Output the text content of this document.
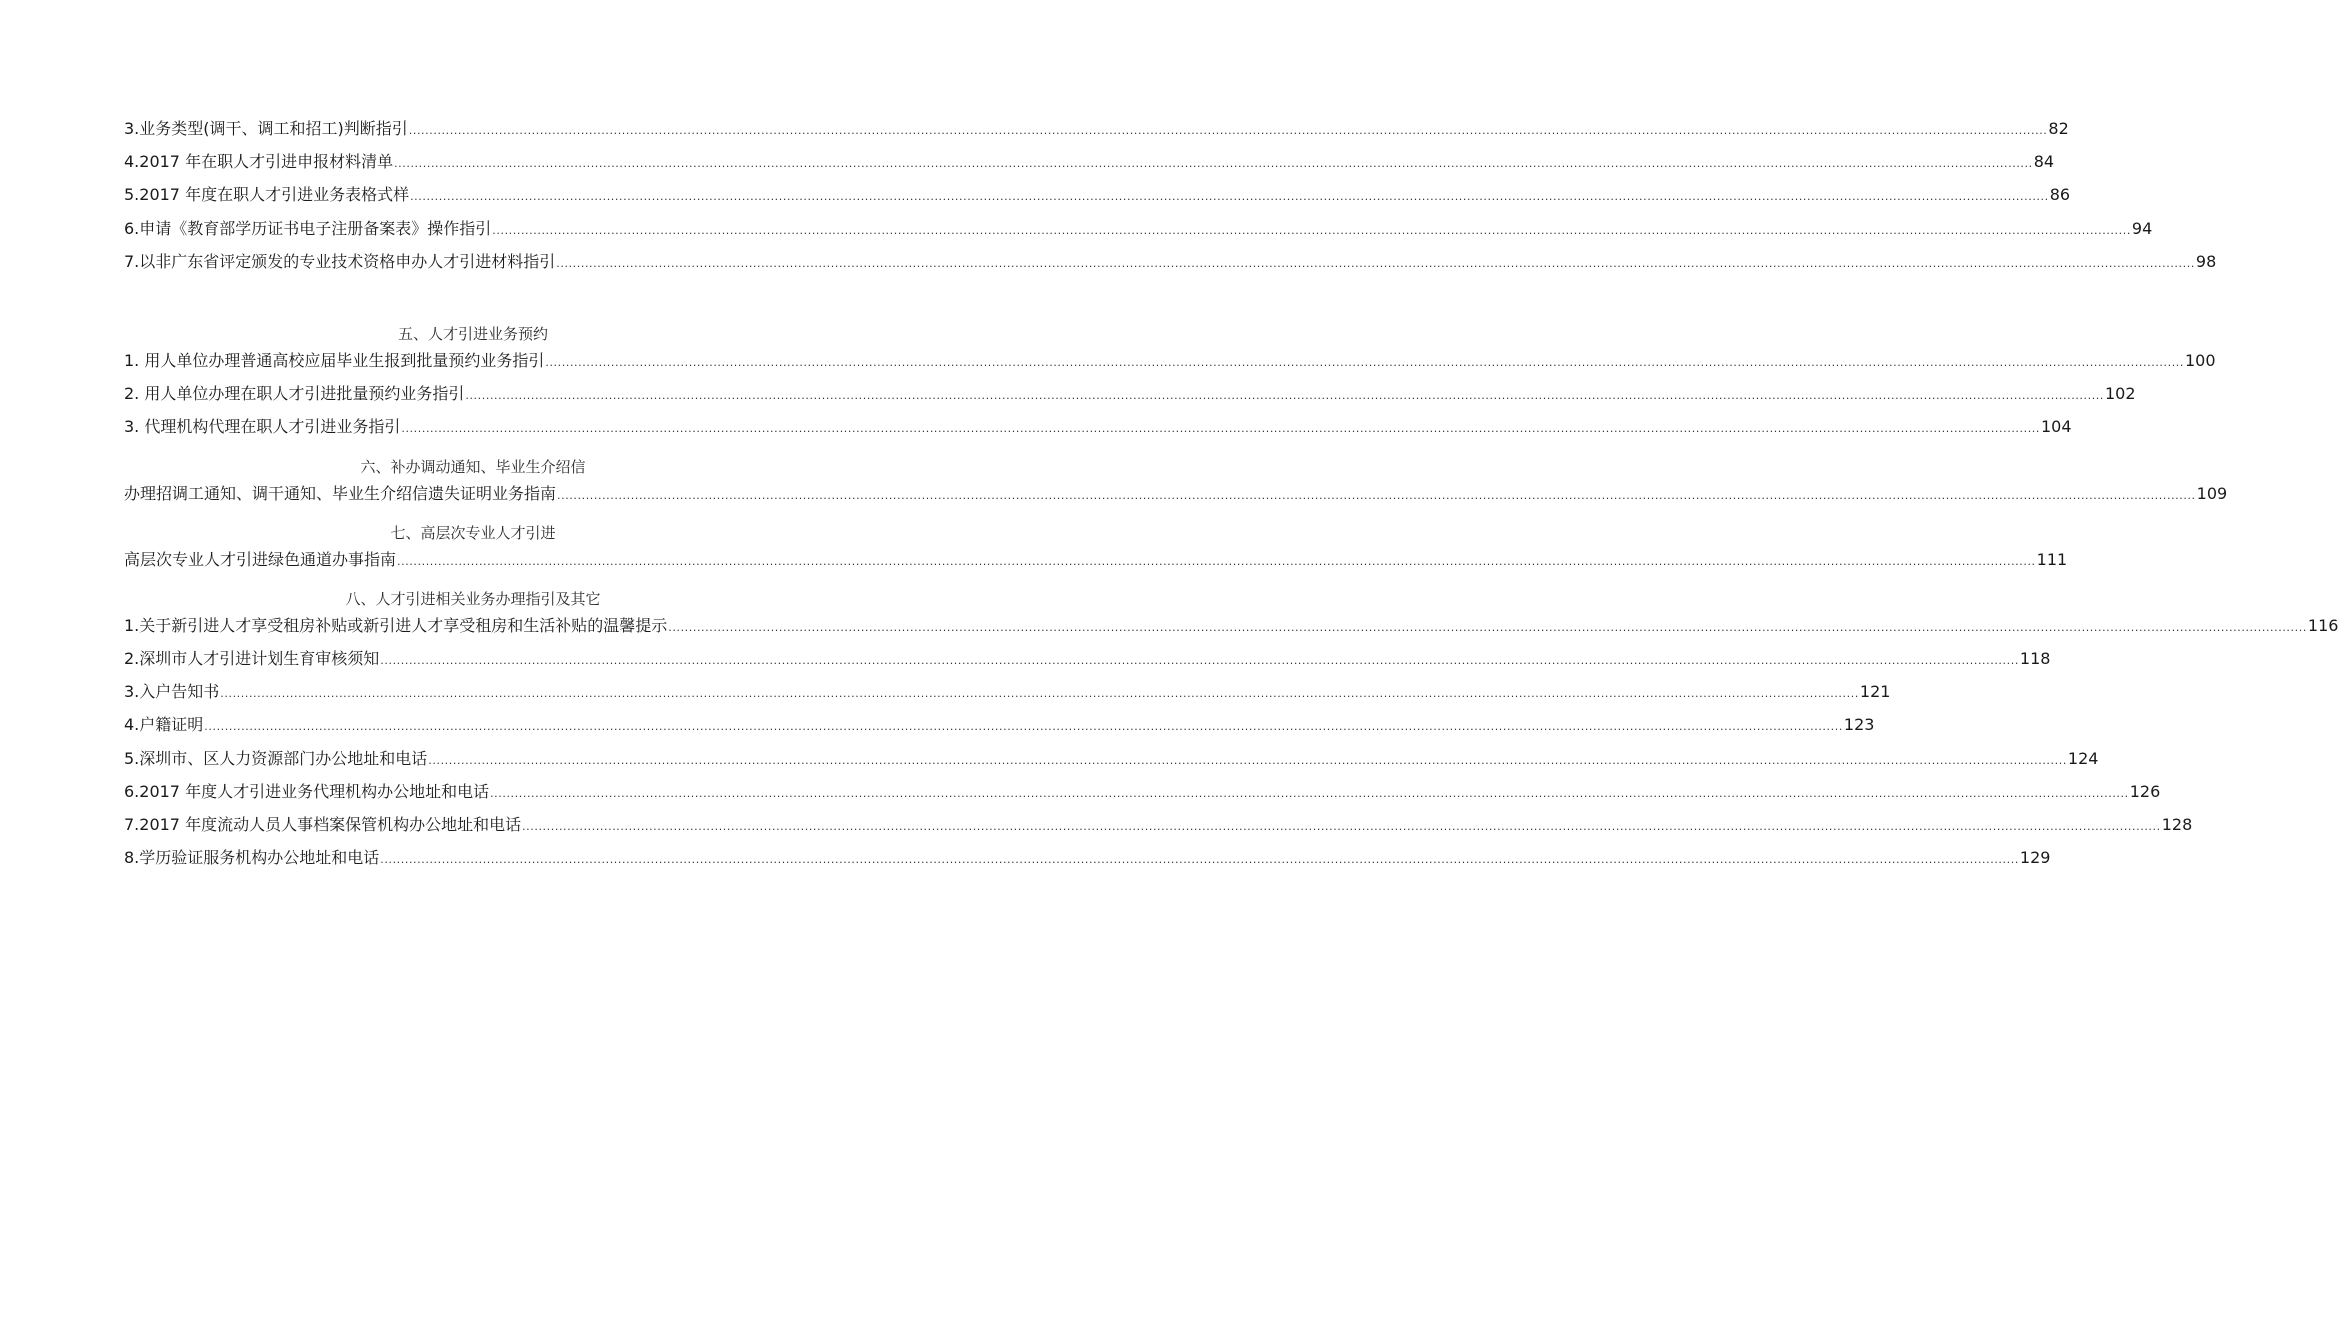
3.业务类型(调干、调工和招工)判断指引 ................................................................................................................................................................................................................................................................................................................................................................................................................ 82
4.2017 年在职人才引进申报材料清单 ................................................................................................................................................................................................................................................................................................................................................................................................................ 84
5.2017 年度在职人才引进业务表格式样 ................................................................................................................................................................................................................................................................................................................................................................................................................ 86
6.申请《教育部学历证书电子注册备案表》操作指引 ................................................................................................................................................................................................................................................................................................................................................................................................................ 94
7.以非广东省评定颁发的专业技术资格申办人才引进材料指引 ................................................................................................................................................................................................................................................................................................................................................................................................................ 98
五、人才引进业务预约
1. 用人单位办理普通高校应届毕业生报到批量预约业务指引 ................................................................................................................................................................................................................................................................................................................................................................................................................ 100
2. 用人单位办理在职人才引进批量预约业务指引 ................................................................................................................................................................................................................................................................................................................................................................................................................ 102
3. 代理机构代理在职人才引进业务指引 ................................................................................................................................................................................................................................................................................................................................................................................................................ 104
六、补办调动通知、毕业生介绍信
办理招调工通知、调干通知、毕业生介绍信遗失证明业务指南 ................................................................................................................................................................................................................................................................................................................................................................................................................ 109
七、高层次专业人才引进
高层次专业人才引进绿色通道办事指南 ................................................................................................................................................................................................................................................................................................................................................................................................................ 111
八、人才引进相关业务办理指引及其它
1.关于新引进人才享受租房补贴或新引进人才享受租房和生活补贴的温馨提示 ................................................................................................................................................................................................................................................................................................................................................................................................................ 116
2.深圳市人才引进计划生育审核须知 ................................................................................................................................................................................................................................................................................................................................................................................................................ 118
3.入户告知书 ................................................................................................................................................................................................................................................................................................................................................................................................................ 121
4.户籍证明 ................................................................................................................................................................................................................................................................................................................................................................................................................ 123
5.深圳市、区人力资源部门办公地址和电话 ................................................................................................................................................................................................................................................................................................................................................................................................................ 124
6.2017 年度人才引进业务代理机构办公地址和电话 ................................................................................................................................................................................................................................................................................................................................................................................................................ 126
7.2017 年度流动人员人事档案保管机构办公地址和电话 ................................................................................................................................................................................................................................................................................................................................................................................................................ 128
8.学历验证服务机构办公地址和电话 ................................................................................................................................................................................................................................................................................................................................................................................................................ 129
